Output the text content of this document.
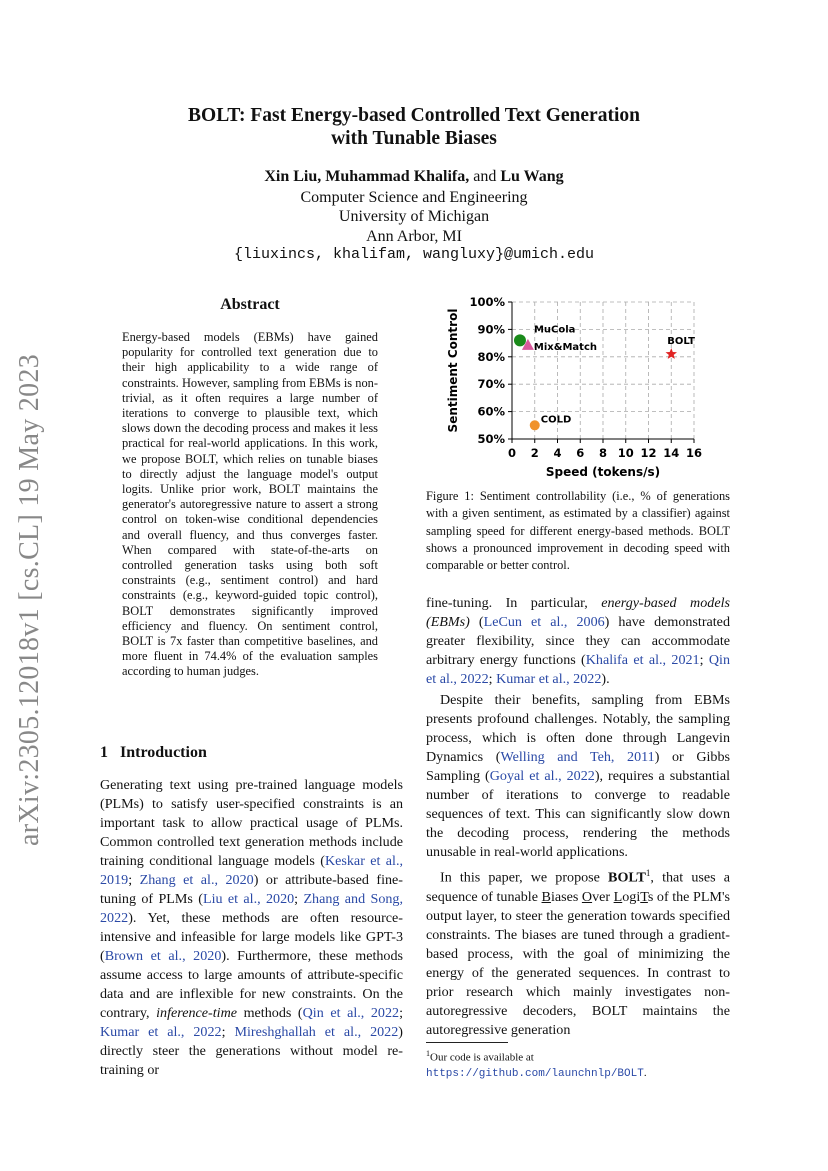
arXiv:2305.12018v1 [cs.CL] 19 May 2023
BOLT: Fast Energy-based Controlled Text Generation
with Tunable Biases
Xin Liu, Muhammad Khalifa, and Lu Wang
Computer Science and Engineering
University of Michigan
Ann Arbor, MI
{liuxincs, khalifam, wangluxy}@umich.edu
Abstract
Energy-based models (EBMs) have gained popularity for controlled text generation due to their high applicability to a wide range of constraints. However, sampling from EBMs is non-trivial, as it often requires a large number of iterations to converge to plausible text, which slows down the decoding process and makes it less practical for real-world applications. In this work, we propose BOLT, which relies on tunable biases to directly adjust the language model's output logits. Unlike prior work, BOLT maintains the generator's autoregressive nature to assert a strong control on token-wise conditional dependencies and overall fluency, and thus converges faster. When compared with state-of-the-arts on controlled generation tasks using both soft constraints (e.g., sentiment control) and hard constraints (e.g., keyword-guided topic control), BOLT demonstrates significantly improved efficiency and fluency. On sentiment control, BOLT is 7x faster than competitive baselines, and more fluent in 74.4% of the evaluation samples according to human judges.
1 Introduction

Generating text using pre-trained language models (PLMs) to satisfy user-specified constraints is an important task to allow practical usage of PLMs. Common controlled text generation methods include training conditional language models (Keskar et al., 2019; Zhang et al., 2020) or attribute-based fine-tuning of PLMs (Liu et al., 2020; Zhang and Song, 2022). Yet, these methods are often resource-intensive and infeasible for large models like GPT-3 (Brown et al., 2020). Furthermore, these methods assume access to large amounts of attribute-specific data and are inflexible for new constraints. On the contrary, inference-time methods (Qin et al., 2022; Kumar et al., 2022; Mireshghallah et al., 2022) directly steer the generations without model re-training or

0 2 4 6 8 10 12 14 16
50%
60%
70%
80%
90%
100%
Speed (tokens/s)
Sentiment Control	MuCola
Mix&Match
COLD
BOLT
Figure 1: Sentiment controllability (i.e., % of generations with a given sentiment, as estimated by a classifier) against sampling speed for different energy-based methods. BOLT shows a pronounced improvement in decoding speed with comparable or better control.

fine-tuning. In particular, energy-based models (EBMs) (LeCun et al., 2006) have demonstrated greater flexibility, since they can accommodate arbitrary energy functions (Khalifa et al., 2021; Qin et al., 2022; Kumar et al., 2022).

Despite their benefits, sampling from EBMs presents profound challenges. Notably, the sampling process, which is often done through Langevin Dynamics (Welling and Teh, 2011) or Gibbs Sampling (Goyal et al., 2022), requires a substantial number of iterations to converge to readable sequences of text. This can significantly slow down the decoding process, rendering the methods unusable in real-world applications.

In this paper, we propose BOLT$^1$, that uses a sequence of tunable Biases Over LogiTs of the PLM's output layer, to steer the generation towards specified constraints. The biases are tuned through a gradient-based process, with the goal of minimizing the energy of the generated sequences. In contrast to prior research which mainly investigates non-autoregressive decoders, BOLT maintains the autoregressive generation

$^1$Our code is available at https://github.com/launchnlp/BOLT.
